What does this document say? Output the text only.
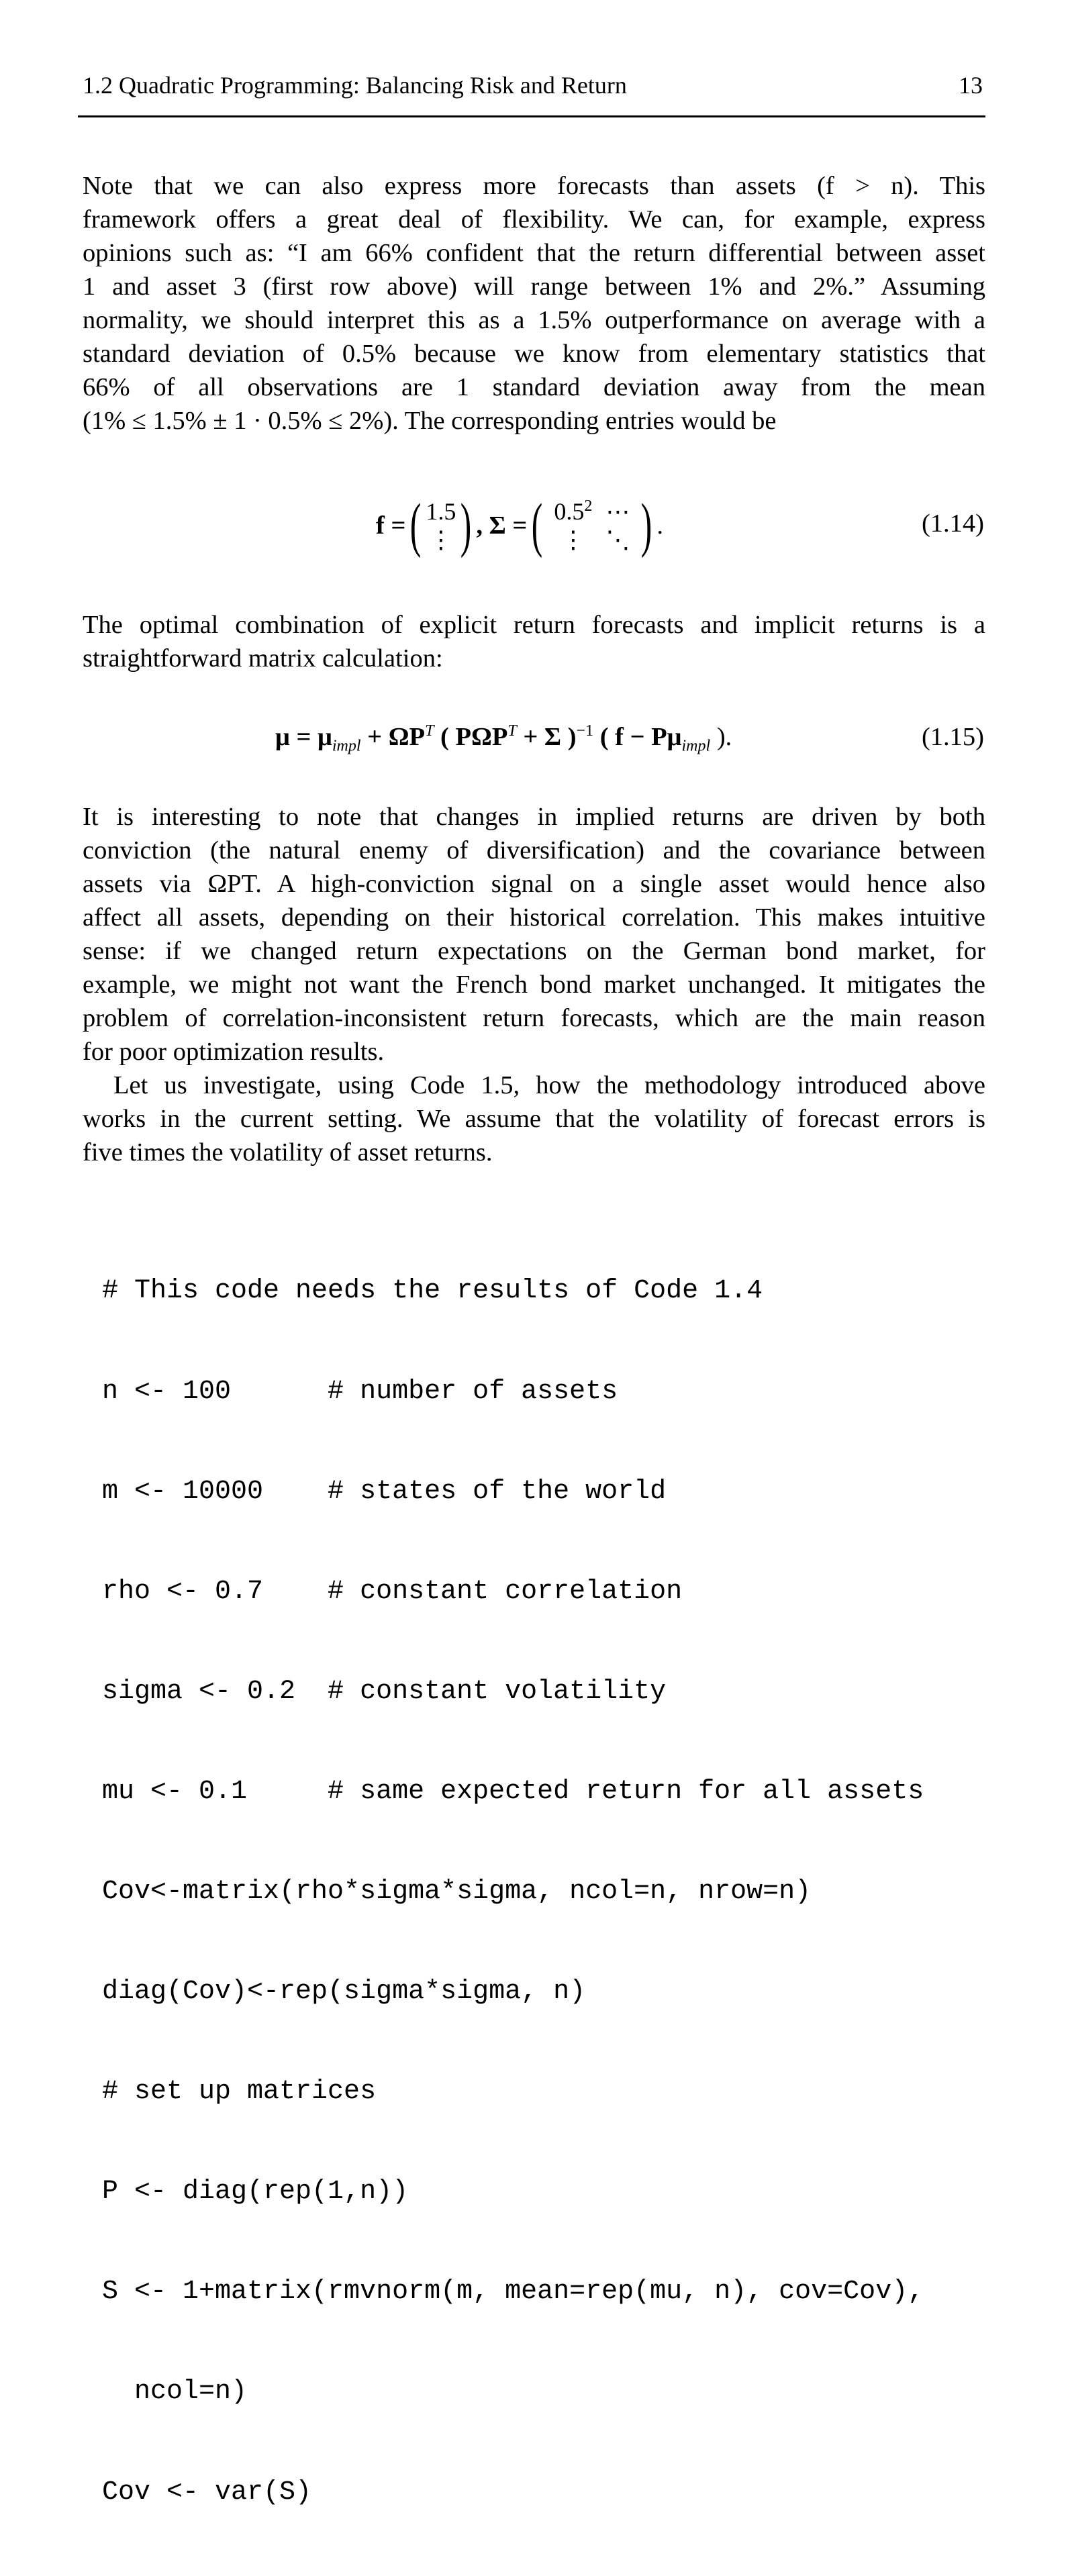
1.2 Quadratic Programming: Balancing Risk and Return	13
Note that we can also express more forecasts than assets (f > n). This
framework offers a great deal of flexibility. We can, for example, express
opinions such as: “I am 66% confident that the return differential between asset
1 and asset 3 (first row above) will range between 1% and 2%.” Assuming
normality, we should interpret this as a 1.5% outperformance on average with a
standard deviation of 0.5% because we know from elementary statistics that
66% of all observations are 1 standard deviation away from the mean
(1% ≤ 1.5% ± 1 · 0.5% ≤ 2%). The corresponding entries would be
f = ( 1.5
⋮ ) , Σ = ( $0.5^2$	⋯
⋮	⋱ ) .	(1.14)
The optimal combination of explicit return forecasts and implicit returns is a
straightforward matrix calculation:
$\mu = \mu_{impl} + \Omega P^T$ ( $P\Omega P^T + \Sigma$ )$^{-1}$ ( $f - P\mu_{impl}$ ).	(1.15)
It is interesting to note that changes in implied returns are driven by both
conviction (the natural enemy of diversification) and the covariance between
assets via ΩPT. A high-conviction signal on a single asset would hence also
affect all assets, depending on their historical correlation. This makes intuitive
sense: if we changed return expectations on the German bond market, for
example, we might not want the French bond market unchanged. It mitigates the
problem of correlation-inconsistent return forecasts, which are the main reason
for poor optimization results.
Let us investigate, using Code 1.5, how the methodology introduced above
works in the current setting. We assume that the volatility of forecast errors is
five times the volatility of asset returns.

# This code needs the results of Code 1.4

n <- 100      # number of assets

m <- 10000    # states of the world

rho <- 0.7    # constant correlation

sigma <- 0.2  # constant volatility

mu <- 0.1     # same expected return for all assets

Cov<-matrix(rho*sigma*sigma, ncol=n, nrow=n)

diag(Cov)<-rep(sigma*sigma, n)

# set up matrices

P <- diag(rep(1,n))

S <- 1+matrix(rmvnorm(m, mean=rep(mu, n), cov=Cov),

ncol=n)

Cov <- var(S)
